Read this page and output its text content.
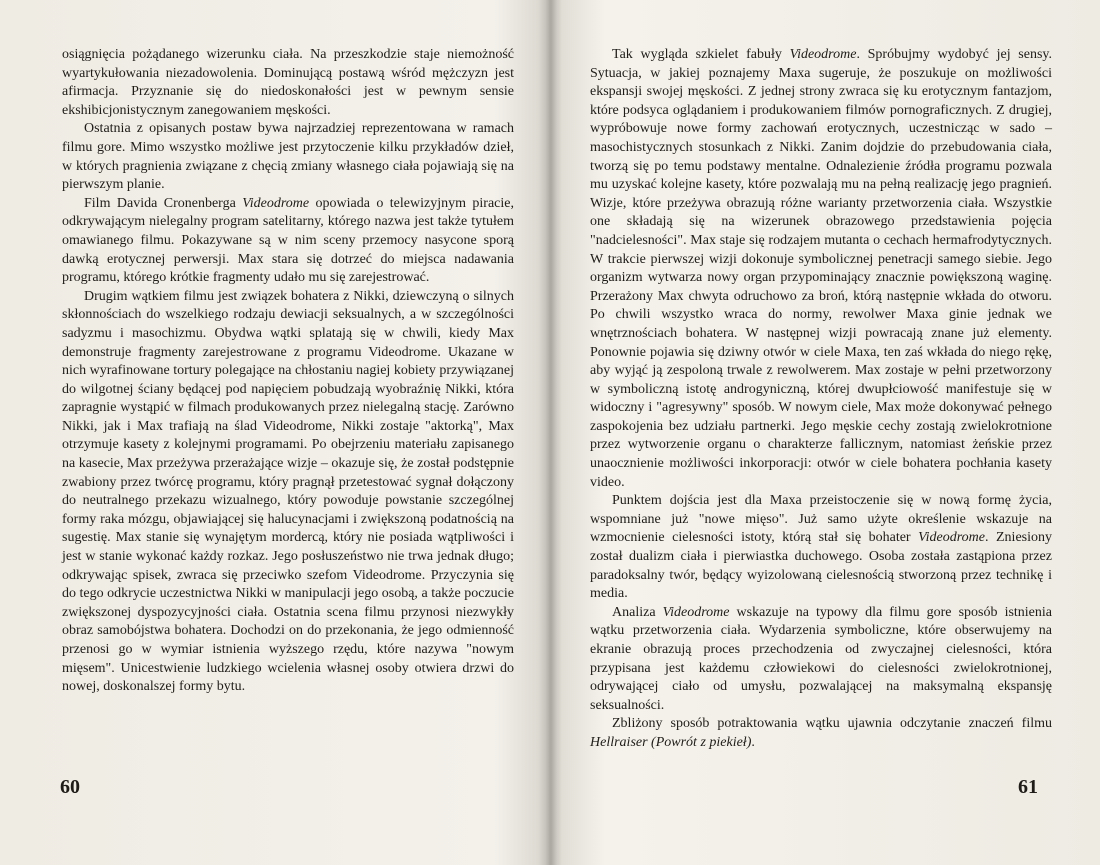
osiągnięcia pożądanego wizerunku ciała. Na przeszkodzie staje niemożność wyartykułowania niezadowolenia. Dominującą postawą wśród mężczyzn jest afirmacja. Przyznanie się do niedoskonałości jest w pewnym sensie ekshibicjonistycznym zanegowaniem męskości.

Ostatnia z opisanych postaw bywa najrzadziej reprezentowana w ramach filmu gore. Mimo wszystko możliwe jest przytoczenie kilku przykładów dzieł, w których pragnienia związane z chęcią zmiany własnego ciała pojawiają się na pierwszym planie.

Film Davida Cronenberga Videodrome opowiada o telewizyjnym piracie, odkrywającym nielegalny program satelitarny, którego nazwa jest także tytułem omawianego filmu. Pokazywane są w nim sceny przemocy nasycone sporą dawką erotycznej perwersji. Max stara się dotrzeć do miejsca nadawania programu, którego krótkie fragmenty udało mu się zarejestrować.

Drugim wątkiem filmu jest związek bohatera z Nikki, dziewczyną o silnych skłonnościach do wszelkiego rodzaju dewiacji seksualnych, a w szczególności sadyzmu i masochizmu. Obydwa wątki splatają się w chwili, kiedy Max demonstruje fragmenty zarejestrowane z programu Videodrome. Ukazane w nich wyrafinowane tortury polegające na chłostaniu nagiej kobiety przywiązanej do wilgotnej ściany będącej pod napięciem pobudzają wyobraźnię Nikki, która zapragnie wystąpić w filmach produkowanych przez nielegalną stację. Zarówno Nikki, jak i Max trafiają na ślad Videodrome, Nikki zostaje "aktorką", Max otrzymuje kasety z kolejnymi programami. Po obejrzeniu materiału zapisanego na kasecie, Max przeżywa przerażające wizje – okazuje się, że został podstępnie zwabiony przez twórcę programu, który pragnął przetestować sygnał dołączony do neutralnego przekazu wizualnego, który powoduje powstanie szczególnej formy raka mózgu, objawiającej się halucynacjami i zwiększoną podatnością na sugestię. Max stanie się wynajętym mordercą, który nie posiada wątpliwości i jest w stanie wykonać każdy rozkaz. Jego posłuszeństwo nie trwa jednak długo; odkrywając spisek, zwraca się przeciwko szefom Videodrome. Przyczynia się do tego odkrycie uczestnictwa Nikki w manipulacji jego osobą, a także poczucie zwiększonej dyspozycyjności ciała. Ostatnia scena filmu przynosi niezwykły obraz samobójstwa bohatera. Dochodzi on do przekonania, że jego odmienność przenosi go w wymiar istnienia wyższego rzędu, które nazywa "nowym mięsem". Unicestwienie ludzkiego wcielenia własnej osoby otwiera drzwi do nowej, doskonalszej formy bytu.

60

Tak wygląda szkielet fabuły Videodrome. Spróbujmy wydobyć jej sensy. Sytuacja, w jakiej poznajemy Maxa sugeruje, że poszukuje on możliwości ekspansji swojej męskości. Z jednej strony zwraca się ku erotycznym fantazjom, które podsyca oglądaniem i produkowaniem filmów pornograficznych. Z drugiej, wypróbowuje nowe formy zachowań erotycznych, uczestnicząc w sado – masochistycznych stosunkach z Nikki. Zanim dojdzie do przebudowania ciała, tworzą się po temu podstawy mentalne. Odnalezienie źródła programu pozwala mu uzyskać kolejne kasety, które pozwalają mu na pełną realizację jego pragnień. Wizje, które przeżywa obrazują różne warianty przetworzenia ciała. Wszystkie one składają się na wizerunek obrazowego przedstawienia pojęcia "nadcielesności". Max staje się rodzajem mutanta o cechach hermafrodytycznych. W trakcie pierwszej wizji dokonuje symbolicznej penetracji samego siebie. Jego organizm wytwarza nowy organ przypominający znacznie powiększoną waginę. Przerażony Max chwyta odruchowo za broń, którą następnie wkłada do otworu. Po chwili wszystko wraca do normy, rewolwer Maxa ginie jednak we wnętrznościach bohatera. W następnej wizji powracają znane już elementy. Ponownie pojawia się dziwny otwór w ciele Maxa, ten zaś wkłada do niego rękę, aby wyjąć ją zespoloną trwale z rewolwerem. Max zostaje w pełni przetworzony w symboliczną istotę androgyniczną, której dwupłciowość manifestuje się w widoczny i "agresywny" sposób. W nowym ciele, Max może dokonywać pełnego zaspokojenia bez udziału partnerki. Jego męskie cechy zostają zwielokrotnione przez wytworzenie organu o charakterze fallicznym, natomiast żeńskie przez unaocznienie możliwości inkorporacji: otwór w ciele bohatera pochłania kasety video.

Punktem dojścia jest dla Maxa przeistoczenie się w nową formę życia, wspomniane już "nowe mięso". Już samo użyte określenie wskazuje na wzmocnienie cielesności istoty, którą stał się bohater Videodrome. Zniesiony został dualizm ciała i pierwiastka duchowego. Osoba została zastąpiona przez paradoksalny twór, będący wyizolowaną cielesnością stworzoną przez technikę i media.

Analiza Videodrome wskazuje na typowy dla filmu gore sposób istnienia wątku przetworzenia ciała. Wydarzenia symboliczne, które obserwujemy na ekranie obrazują proces przechodzenia od zwyczajnej cielesności, która przypisana jest każdemu człowiekowi do cielesności zwielokrotnionej, odrywającej ciało od umysłu, pozwalającej na maksymalną ekspansję seksualności.

Zbliżony sposób potraktowania wątku ujawnia odczytanie znaczeń filmu Hellraiser (Powrót z piekieł).

61
